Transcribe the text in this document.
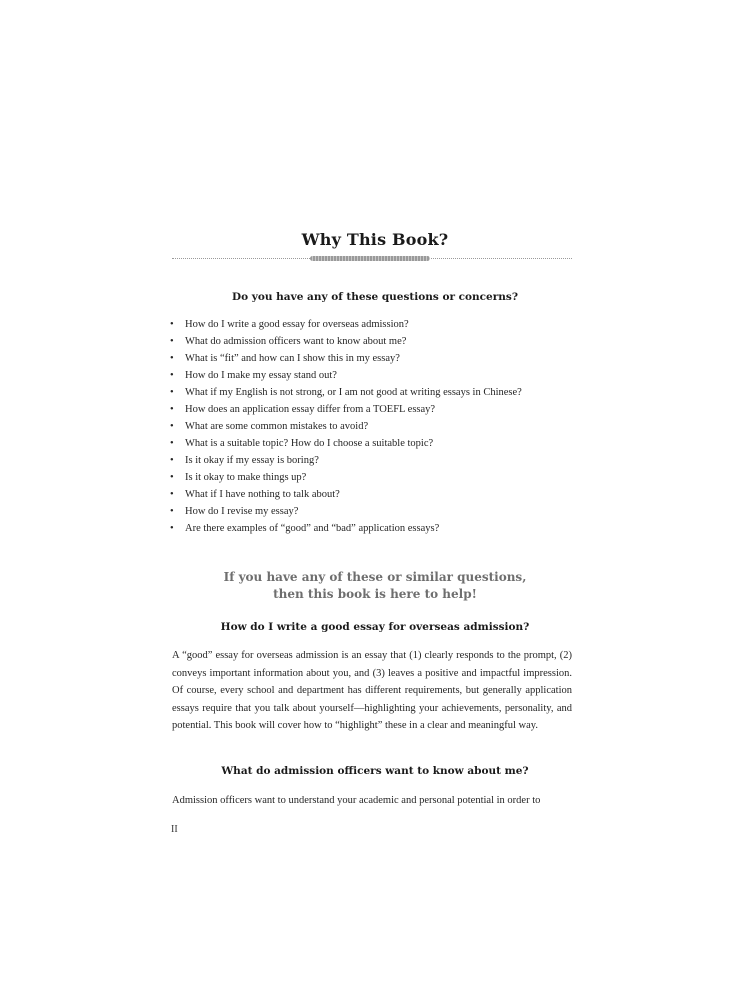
Why This Book?
Do you have any of these questions or concerns?
• How do I write a good essay for overseas admission?
• What do admission officers want to know about me?
• What is “fit” and how can I show this in my essay?
• How do I make my essay stand out?
• What if my English is not strong, or I am not good at writing essays in Chinese?
• How does an application essay differ from a TOEFL essay?
• What are some common mistakes to avoid?
• What is a suitable topic? How do I choose a suitable topic?
• Is it okay if my essay is boring?
• Is it okay to make things up?
• What if I have nothing to talk about?
• How do I revise my essay?
• Are there examples of “good” and “bad” application essays?
If you have any of these or similar questions,
then this book is here to help!
How do I write a good essay for overseas admission?

A “good” essay for overseas admission is an essay that (1) clearly responds to the prompt, (2) conveys important information about you, and (3) leaves a positive and impactful impression. Of course, every school and department has different requirements, but generally application essays require that you talk about yourself—highlighting your achievements, personality, and potential. This book will cover how to “highlight” these in a clear and meaningful way.

What do admission officers want to know about me?

Admission officers want to understand your academic and personal potential in order to

II
